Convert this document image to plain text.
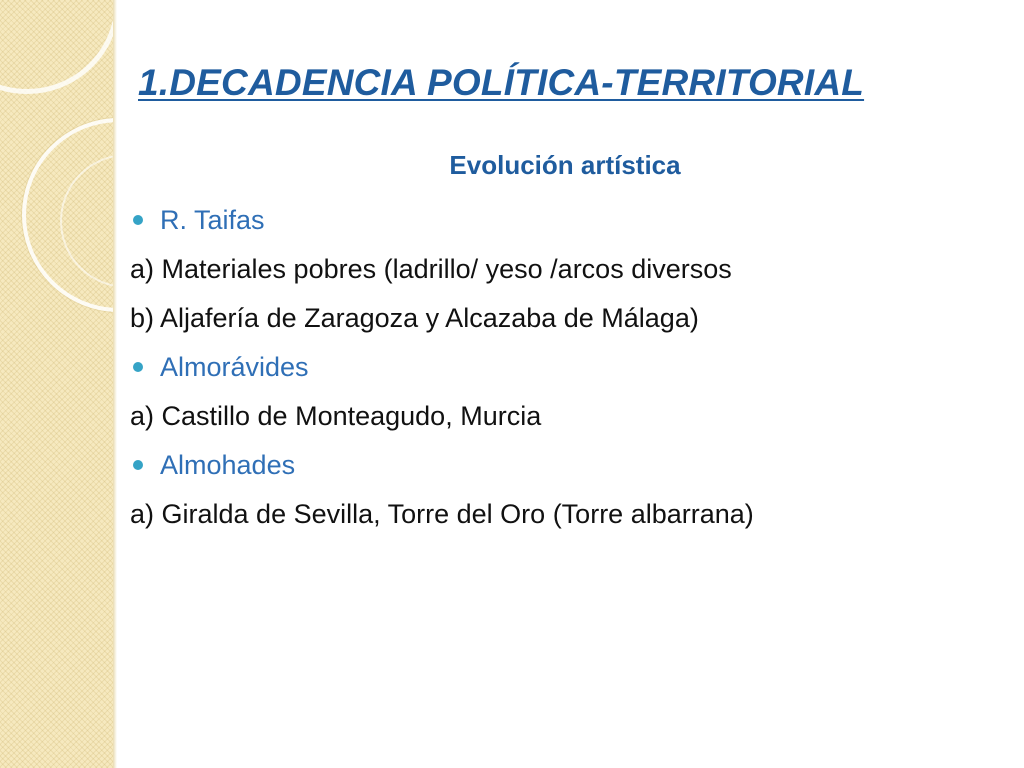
1.DECADENCIA POLÍTICA-TERRITORIAL
Evolución artística
R. Taifas
a) Materiales pobres (ladrillo/ yeso /arcos diversos
b) Aljafería de Zaragoza y Alcazaba de Málaga)
Almorávides
a) Castillo de Monteagudo, Murcia
Almohades
a) Giralda de Sevilla, Torre del Oro (Torre albarrana)
